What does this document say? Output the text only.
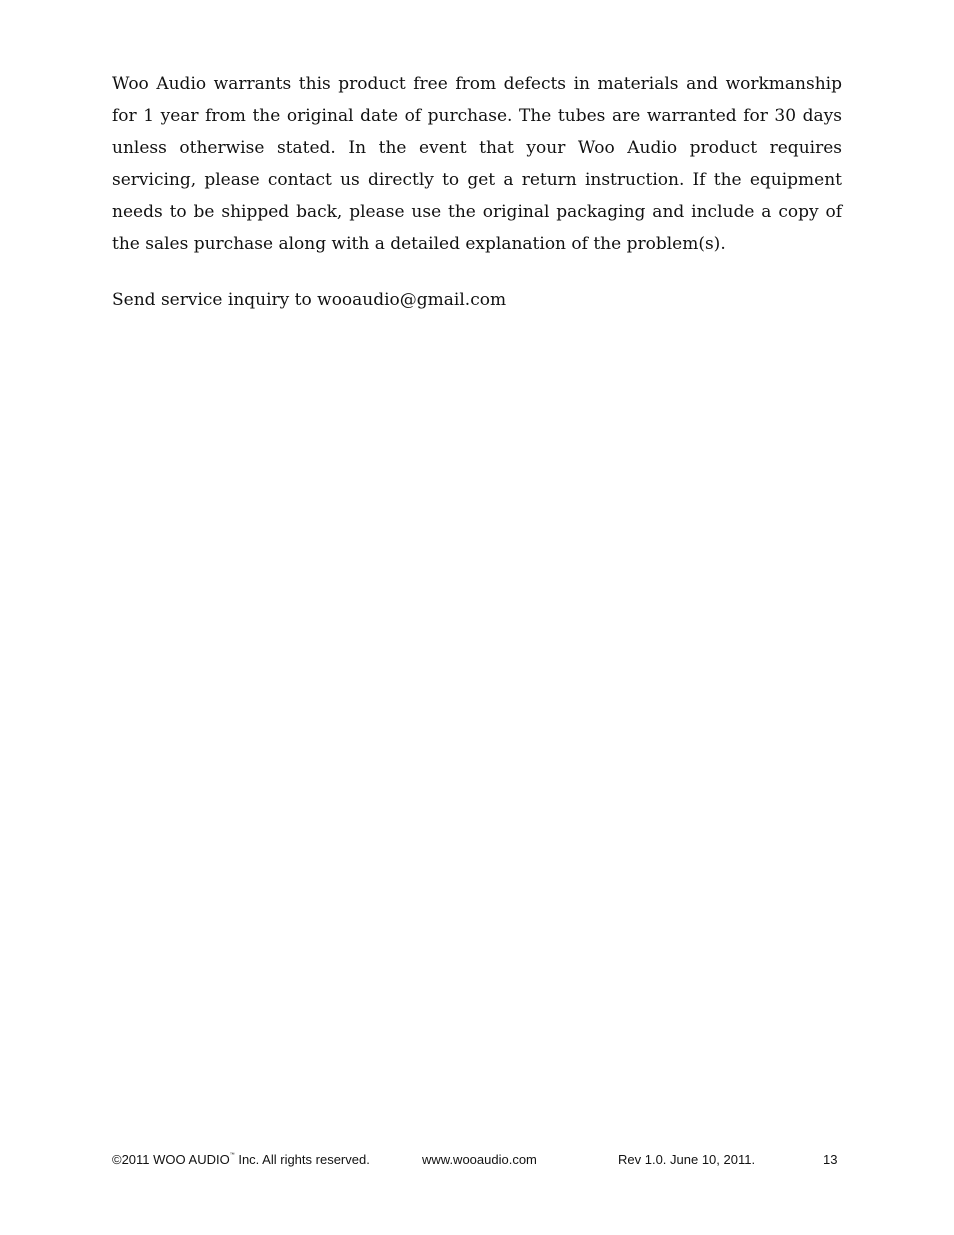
Woo Audio warrants this product free from defects in materials and workmanship for 1 year from the original date of purchase. The tubes are warranted for 30 days unless otherwise stated. In the event that your Woo Audio product requires servicing, please contact us directly to get a return instruction. If the equipment needs to be shipped back, please use the original packaging and include a copy of the sales purchase along with a detailed explanation of the problem(s).

Send service inquiry to wooaudio@gmail.com

©2011 WOO AUDIO™ Inc. All rights reserved.	www.wooaudio.com	Rev 1.0. June 10, 2011.	13
